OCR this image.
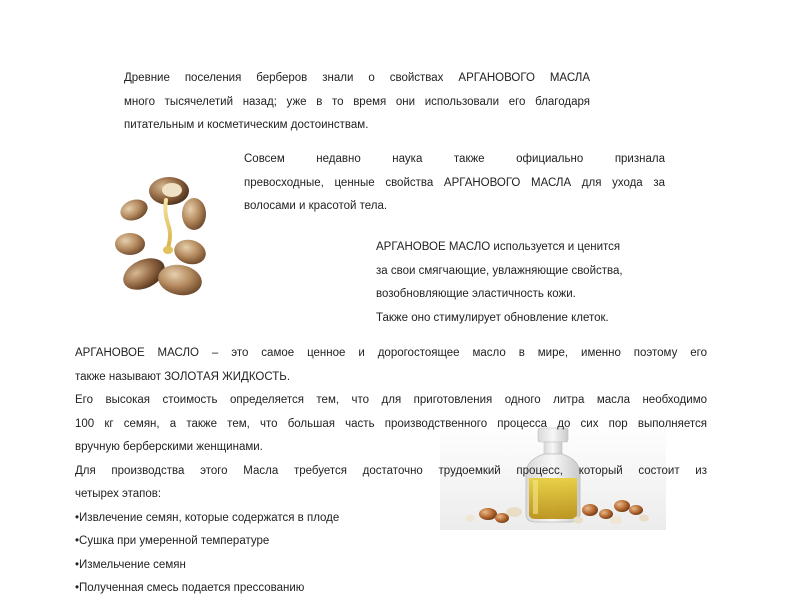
Древние поселения берберов знали о свойствах АРГАНОВОГО МАСЛА

много тысячелетий назад; уже в то время они использовали его благодаря

питательным и косметическим достоинствам.

Совсем недавно наука также официально признала

превосходные, ценные свойства АРГАНОВОГО МАСЛА для ухода за

волосами и красотой тела.

АРГАНОВОЕ МАСЛО используется и ценится

за свои смягчающие, увлажняющие свойства,

возобновляющие эластичность кожи.

Также оно стимулирует обновление клеток.

АРГАНОВОЕ МАСЛО – это самое ценное и дорогостоящее масло в мире, именно поэтому его

также называют ЗОЛОТАЯ ЖИДКОСТЬ.

Его высокая стоимость определяется тем, что для приготовления одного литра масла необходимо

100 кг семян, а также тем, что большая часть производственного процесса до сих пор выполняется

вручную берберскими женщинами.

Для производства этого Масла требуется достаточно трудоемкий процесс, который состоит из

четырех этапов:

•Извлечение семян, которые содержатся в плоде

•Сушка при умеренной температуре

•Измельчение семян

•Полученная смесь подается прессованию
